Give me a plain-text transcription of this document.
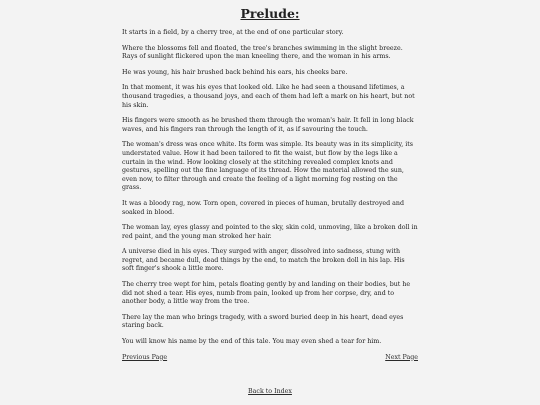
Prelude:

It starts in a field, by a cherry tree, at the end of one particular story.

Where the blossoms fell and floated, the tree's branches swimming in the slight breeze. Rays of sunlight flickered upon the man kneeling there, and the woman in his arms.

He was young, his hair brushed back behind his ears, his cheeks bare.

In that moment, it was his eyes that looked old. Like he had seen a thousand lifetimes, a thousand tragedies, a thousand joys, and each of them had left a mark on his heart, but not his skin.

His fingers were smooth as he brushed them through the woman's hair. It fell in long black waves, and his fingers ran through the length of it, as if savouring the touch.

The woman's dress was once white. Its form was simple. Its beauty was in its simplicity, its understated value. How it had been tailored to fit the waist, but flow by the legs like a curtain in the wind. How looking closely at the stitching revealed complex knots and gestures, spelling out the fine language of its thread. How the material allowed the sun, even now, to filter through and create the feeling of a light morning fog resting on the grass.

It was a bloody rag, now. Torn open, covered in pieces of human, brutally destroyed and soaked in blood.

The woman lay, eyes glassy and pointed to the sky, skin cold, unmoving, like a broken doll in red paint, and the young man stroked her hair.

A universe died in his eyes. They surged with anger, dissolved into sadness, stung with regret, and became dull, dead things by the end, to match the broken doll in his lap. His soft finger's shook a little more.

The cherry tree wept for him, petals floating gently by and landing on their bodies, but he did not shed a tear. His eyes, numb from pain, looked up from her corpse, dry, and to another body, a little way from the tree.

There lay the man who brings tragedy, with a sword buried deep in his heart, dead eyes staring back.

You will know his name by the end of this tale. You may even shed a tear for him.

Previous Page	Next Page
Back to Index
